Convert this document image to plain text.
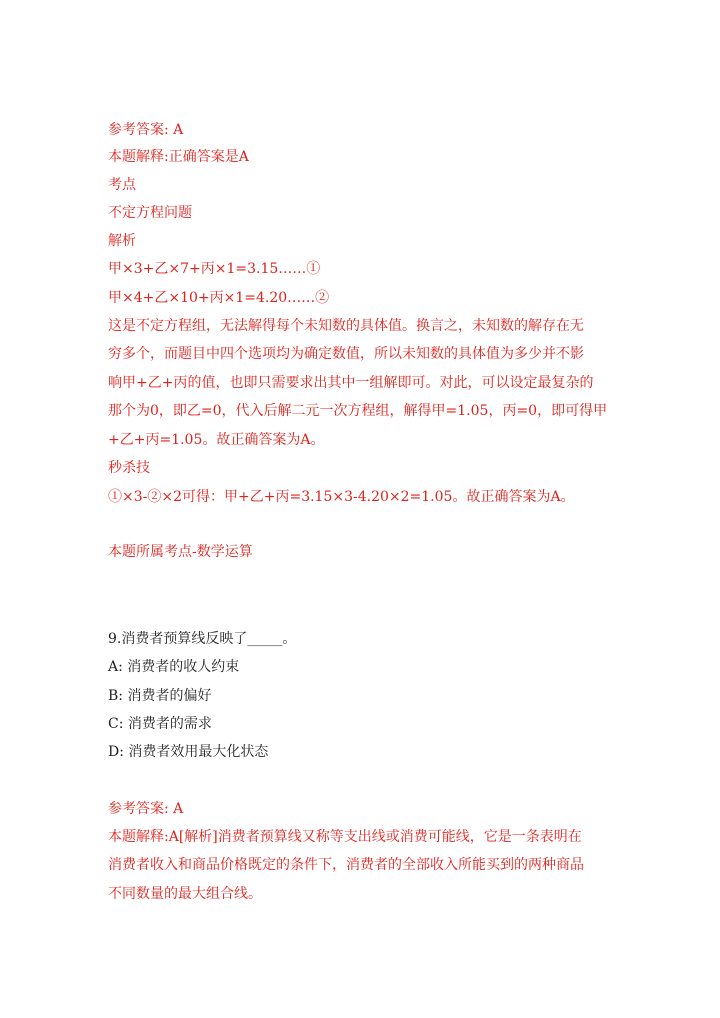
参考答案: A
本题解释:正确答案是A
考点
不定方程问题
解析
甲×3+乙×7+丙×1=3.15……①
甲×4+乙×10+丙×1=4.20……②
这是不定方程组，无法解得每个未知数的具体值。换言之，未知数的解存在无
穷多个，而题目中四个选项均为确定数值，所以未知数的具体值为多少并不影
响甲+乙+丙的值，也即只需要求出其中一组解即可。对此，可以设定最复杂的
那个为0，即乙=0，代入后解二元一次方程组，解得甲=1.05，丙=0，即可得甲
+乙+丙=1.05。故正确答案为A。
秒杀技
①×3-②×2可得：甲+乙+丙=3.15×3-4.20×2=1.05。故正确答案为A。
本题所属考点-数学运算
9.消费者预算线反映了_____。
A: 消费者的收人约束
B: 消费者的偏好
C: 消费者的需求
D: 消费者效用最大化状态
参考答案: A
本题解释:A[解析]消费者预算线又称等支出线或消费可能线，它是一条表明在
消费者收入和商品价格既定的条件下，消费者的全部收入所能买到的两种商品
不同数量的最大组合线。
